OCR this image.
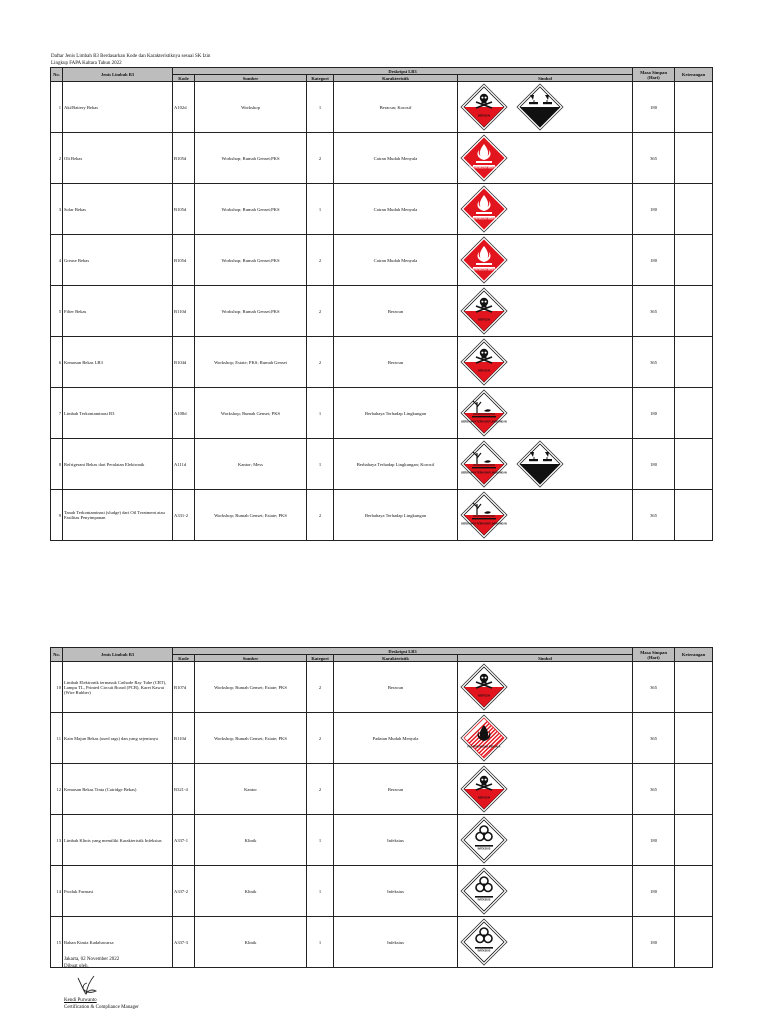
Daftar Jenis Limbah B3 Berdasarkan Kode dan Karakteristiknya sesuai SK Izin
Lingkup FAPA Kaltara Tahun 2022
No.	Jenis Limbah B3	Deskripsi LB3					Masa Simpan (Hari)	Keterangan
		Kode	Sumber	Kategori	Karakteristik	Simbol		
1	Aki/Battery Bekas	A102d	Workshop	1	Beracun; Korosif	BERACUN KOROSIF	180	
2	Oli Bekas	B105d	Workshop; Rumah Genset;PKS	2	Cairan Mudah Menyala	CAIRAN MUDAH MENYALA	365	
3	Solar Bekas	B105d	Workshop; Rumah Genset;PKS	1	Cairan Mudah Menyala	CAIRAN MUDAH MENYALA	180	
4	Grease Bekas	B105d	Workshop; Rumah Genset;PKS	2	Cairan Mudah Menyala	CAIRAN MUDAH MENYALA	180	
5	Filter Bekas	B110d	Workshop; Rumah Genset;PKS	2	Beracun	BERACUN	365	
6	Kemasan Bekas LB3	B104d	Workshop; Estate; PKS; Rumah Genset	2	Beracun	BERACUN	365	
7	Limbah Terkontaminasi B3	A108d	Workshop; Rumah Genset; PKS	1	Berbahaya Terhadap Lingkungan	BERBAHAYA TERHADAP LINGKUNGAN	180	
8	Refrigerant Bekas dari Peralatan Elektronik	A111d	Kantor; Mess	1	Berbahaya Terhadap Lingkungan; Korosif	BERBAHAYA TERHADAP LINGKUNGAN KOROSIF	180	
9	Tanah Terkontaminasi (sludge) dari Oil Treatment atau Fasilitas Penyimpanan	A331-2	Workshop; Rumah Genset; Estate; PKS	2	Berbahaya Terhadap Lingkungan	BERBAHAYA TERHADAP LINGKUNGAN	365	
No.	Jenis Limbah B3	Deskripsi LB3					Masa Simpan (Hari)	Keterangan
		Kode	Sumber	Kategori	Karakteristik	Simbol		
10	Limbah Elektronik termasuk Cathode Ray Tube (CRT), Lampu TL, Printed Circuit Board (PCB), Karet Kawat (Wire Rubber)	B107d	Workshop; Rumah Genset; Estate; PKS	2	Beracun	BERACUN	365	
11	Kain Majun Bekas (used rags) dan yang sejenisnya	B110d	Workshop; Rumah Genset; Estate; PKS	2	Padatan Mudah Menyala	PADATAN MUDAH MENYALA	365	
12	Kemasan Bekas Tinta (Catridge Bekas)	B321-4	Kantor	2	Beracun	BERACUN	365	
13	Limbah Klinis yang memiliki Karakteristik Infeksius	A337-1	Klinik	1	Infeksius	INFEKSIUS	180	
14	Produk Farmasi	A337-2	Klinik	1	Infeksius	INFEKSIUS	180	
15	Bahan Kimia Kadaluwarsa	A337-3	Klinik	1	Infeksius	INFEKSIUS	180	
Jakarta, 02 November 2022
Dibuat oleh,
Kendi Purwanto
Certification & Compliance Manager
